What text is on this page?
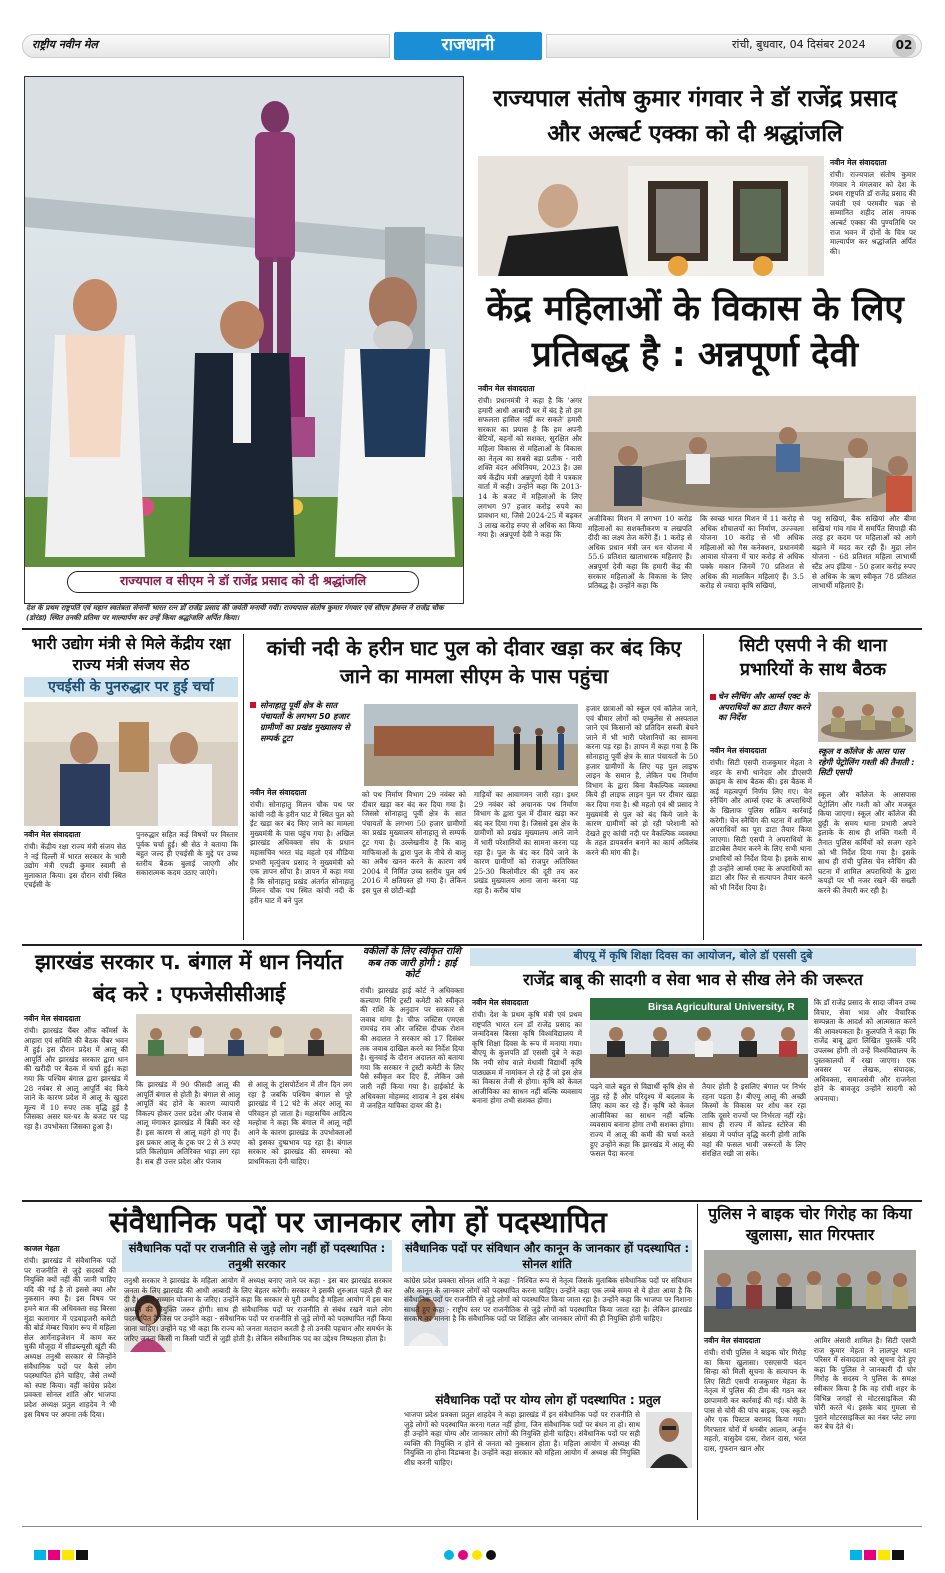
राष्ट्रीय नवीन मेल	राजधानी	रांची, बुधवार, 04 दिसंबर 2024	02
राज्यपाल व सीएम ने डॉ राजेंद्र प्रसाद को दी श्रद्धांजलि
देश के प्रथम राष्ट्रपति एवं महान स्वतंत्रता सेनानी भारत रत्न डॉ राजेंद्र प्रसाद की जयंती मनायी गयी। राज्यपाल संतोष कुमार गंगवार एवं सीएम हेमन्त ने राजेंद्र चौक (डोरंडा) स्थित उनकी प्रतिमा पर माल्यार्पण कर उन्हें किया श्रद्धांजलि अर्पित किया।
राज्यपाल संतोष कुमार गंगवार ने डॉ राजेंद्र प्रसाद और अल्बर्ट एक्का को दी श्रद्धांजलि
नवीन मेल संवाददाता
रांची। राज्यपाल संतोष कुमार गंगवार ने मंगलवार को देश के प्रथम राष्ट्रपति डॉ राजेंद्र प्रसाद की जयंती एवं परमवीर चक्र से सम्मानित शहीद लांस नायक अल्बर्ट एक्का की पुण्यतिथि पर राज भवन में दोनों के चित्र पर माल्यार्पण कर श्रद्धांजलि अर्पित की।
केंद्र महिलाओं के विकास के लिए प्रतिबद्ध है : अन्नपूर्णा देवी
नवीन मेल संवाददाता
रांची। प्रधानमंत्री ने कहा है कि 'अगर हमारी आधी आबादी घर में बंद है तो हम सफलता हासिल नहीं कर सकते' हमारी सरकार का प्रयास है कि हम अपनी बेटियों, बहनों को सशक्त, सुरक्षित और महिला विकास से महिलाओं के विकास का नेतृत्व का सबसे बड़ा प्रतीक - नारी शक्ति वंदन अधिनियम, 2023 है। उस वर्ष केंद्रीय मंत्री अन्नपूर्णा देवी ने पत्रकार वार्ता में कही। उन्होंने कहा कि 2013-14 के बजट में महिलाओं के लिए लगभग 97 हजार करोड़ रुपये का प्रावधान था, जिसे 2024-25 में बढ़कर 3 लाख करोड़ रुपए से अधिक का किया गया है। अन्नपूर्णा देवी ने कहा कि
अजीविका मिशन में लगभग 10 करोड़ महिलाओं का सशक्तीकरण व लखपति दीदी का लक्ष्य तेज करेंगे हैं। 1 करोड़ से अधिक प्रधान मंत्री जन धन योजना में 55.6 प्रतिशत खाताधारक महिलाएं हैं। अन्नपूर्णा देवी कहा कि हमारी केंद्र की सरकार महिलाओं के विकास के लिए प्रतिबद्ध है। उन्होंने कहा कि
कि स्वच्छ भारत मिशन में 11 करोड़ से अधिक शौचालयों का निर्माण, उज्ज्वला योजना 10 करोड़ से भी अधिक महिलाओं को गैस कनेक्शन, प्रधानमंत्री आवास योजना में चार करोड़ से अधिक पक्के मकान जिनमें 70 प्रतिशत से अधिक की मालकिन महिलाएं हैं। 3.5 करोड़ से ज्यादा कृषि सखियां,
पशु सखियां, बैंक सखियां और बीमा सखियां गांव गांव में समर्पित सिपाही की तरह हर कदम पर महिलाओं को आगे बढ़ाने में मदद कर रही हैं। मुद्रा लोन योजना - 68 प्रतिशत महिला लाभार्थी स्टैंड अप इंडिया - 50 हजार करोड़ रुपए से अधिक के ऋण स्वीकृत 78 प्रतिशत लाभार्थी महिलाएं हैं।
भारी उद्योग मंत्री से मिले केंद्रीय रक्षा राज्य मंत्री संजय सेठ
एचईसी के पुनरुद्धार पर हुई चर्चा
नवीन मेल संवाददाता
रांची। केंद्रीय रक्षा राज्य मंत्री संजय सेठ ने नई दिल्ली में भारत सरकार के भारी उद्योग मंत्री एचडी कुमार स्वामी से मुलाकात किया। इस दौरान रांची स्थित एचईसी के
पुनरुद्धार सहित कई विषयों पर विस्तार पूर्वक चर्चा हुई। श्री सेठ ने बताया कि बहुत जल्द ही एचईसी के मुद्दे पर उच्च स्तरीय बैठक बुलाई जाएगी और सकारात्मक कदम उठाए जाएंगे।
कांची नदी के हरीन घाट पुल को दीवार खड़ा कर बंद किए जाने का मामला सीएम के पास पहुंचा
सोनाहातु पूर्वी क्षेत्र के सात पंचायतों के लगभग 50 हजार ग्रामीणों का प्रखंड मुख्यालय से सम्पर्क टूटा
नवीन मेल संवाददाता
रांची। सोनाहातु मिलन चौक पथ पर कांची नदी के हरीन घाट में स्थित पुल को ईंट खड़ा कर बंद किए जाने का मामला मुख्यमंत्री के पास पहुंच गया है। अखिल झारखंड अधिवक्ता संघ के प्रधान महासचिव भरत चंद्र महतो एवं मीडिया प्रभारी मृत्युंजय प्रसाद ने मुख्यमंत्री को एक ज्ञापन सौंपा है। ज्ञापन में कहा गया है कि सोनाहातु प्रखंड अंतर्गत सोनाहातु मिलन चौक पथ स्थित कांची नदी के हरीन घाट में बने पुल
को पथ निर्माण विभाग 29 नवंबर को दीवार खड़ा कर बंद कर दिया गया है। जिससे सोनाहातु पूर्वी क्षेत्र के सात पंचायतों के लगभग 50 हजार ग्रामीणों का प्रखंड मुख्यालय सोनाहातु से सम्पर्क टूट गया है। उल्लेखनीय है कि बालू माफियाओं के द्वारा पुल के नीचे से बालू का अवैध खनन करने के कारण वर्ष 2004 में निर्मित उच्च स्तरीय पुल वर्ष 2016 में क्षतिग्रस्त हो गया है। लेकिन इस पुल से छोटी-बड़ी
गाड़ियों का आवागमन जारी रहा। इधर 29 नवंबर को अचानक पथ निर्माण विभाग के द्वारा पुल में दीवार खड़ा कर बंद कर दिया गया है। जिससे इस क्षेत्र के ग्रामीणों को प्रखंड मुख्यालय आने जाने में भारी परेशानियों का सामना करना पड़ रहा है। पुल के बंद कर दिये जाने के कारण ग्रामीणों को राजपुर अतिरिक्त 25-30 किलोमीटर की दूरी तय कर प्रखंड मुख्यालय आना जाना करना पड़ रहा है। करीब पांच
हजार छात्राओं को स्कूल एवं कॉलेज जाने, एवं बीमार लोगों को एम्बुलेंस से अस्पताल जाने एवं किसानों को प्रतिदिन सब्जी बेचने जाने में भी भारी परेशानियों का सामना करना पड़ रहा है। ज्ञापन में कहा गया है कि सोनाहातु पूर्वी क्षेत्र के सात पंचायतों के 50 हजार ग्रामीणों के लिए यह पुल लाइफ लाइन के समान है, लेकिन पथ निर्माण विभाग के द्वारा बिना वैकल्पिक व्यवस्था किये ही लाइफ लाइन पुल पर दीवार खड़ा कर दिया गया है। श्री महतो एवं श्री प्रसाद ने मुख्यमंत्री से पुल को बंद किये जाने के कारण ग्रामीणों को हो रही परेशानी को देखते हुए कांची नदी पर वैकल्पिक व्यवस्था के तहत डायवर्सन बनाने का कार्य अविलंब करने की मांग की है।
सिटी एसपी ने की थाना प्रभारियों के साथ बैठक
चेन स्नैचिंग और आर्म्स एक्ट के अपराधियों का डाटा तैयार करने का निर्देश
स्कूल व कॉलेज के आस पास रहेगी पेट्रोलिंग गश्ती की तैनाती : सिटी एसपी
नवीन मेल संवाददाता
रांची। सिटी एसपी राजकुमार मेहता ने शहर के सभी थानेदार और डीएसपी क्राइम के साथ बैठक की। इस बैठक में कई महत्वपूर्ण निर्णय लिए गए। चेन स्नैचिंग और आर्म्स एक्ट के अपराधियों के खिलाफ पुलिस सक्रिय कार्रवाई करेगी। चेन स्नैचिंग की घटना में शामिल अपराधियों का पूरा डाटा तैयार किया जाएगा। सिटी एसपी ने अपराधियों के डाटाबेस तैयार करने के लिए सभी थाना प्रभारियों को निर्देश दिया है। इसके साथ ही उन्होंने आर्म्स एक्ट के अपराधियों का डाटा और फिर से सत्यापन तैयार करने को भी निर्देश दिया है।
स्कूल और कॉलेज के आसपास पेट्रोलिंग और गश्ती को और मजबूत किया जाएगा। स्कूल और कॉलेज की छुट्टी के समय थाना प्रभारी अपने इलाके के साथ ही शक्ति गश्ती में तैनात पुलिस कर्मियों को सजग रहने को भी निर्देश दिया गया है। इसके साथ ही रांची पुलिस चेन स्नैचिंग की घटना में शामिल अपराधियों के द्वारा कपड़ों पर भी नजर रखने की सख्ती करने की तैयारी कर रही है।
झारखंड सरकार प. बंगाल में धान निर्यात बंद करे : एफजेसीसीआई
नवीन मेल संवाददाता
रांची। झारखंड चैंबर ऑफ कॉमर्स के आहारा एवं समिति की बैठक चैंबर भवन में हुई। इस दौरान प्रदेश में आलू की आपूर्ति और झारखंड सरकार द्वारा धान की खरीदी पर बैठक में चर्चा हुई। कहा गया कि पश्चिम बंगाल द्वारा झारखंड में 28 नवंबर से आलू आपूर्ति बंद किये जाने के कारण प्रदेश में आलू के खुदरा मूल्य में 10 रुपए तक वृद्धि हुई है जिसका असर घर-घर के बजट पर पड़ रहा है। उपभोक्ता जिसका हुआ है।
कि झारखंड में 90 फीसदी आलू की आपूर्ति बंगाल से होती है। बंगाल से आलू आपूर्ति बंद होने के कारण व्यापारी विकल्प होकर उत्तर प्रदेश और पंजाब से आलू मंगाकर झारखंड में बिक्री कर रहे हैं। इस कारण से आलू महंगे हो गए हैं। इस प्रकार आलू के ट्रक पर 2 से 3 रुपए प्रति किलोग्राम अतिरिक्त भाड़ा लग रहा है। सब ही उत्तर प्रदेश और पंजाब
से आलू के ट्रांसपोर्टेशन में तीन दिन लग रहा है जबकि पश्चिम बंगाल से पूरे झारखंड में 12 घंटे के अंदर आलू का परिवहन हो जाता है। महासचिव आदित्य मल्होत्रा ने कहा कि बंगाल में आलू नहीं आने के कारण झारखंड के उपभोक्ताओं को इसका दुष्प्रभाव पड़ रहा है। बंगाल सरकार को झारखंड की समस्या को प्राथमिकता देनी चाहिए।
वकीलों के लिए स्वीकृत राशि कब तक जारी होगी : हाई कोर्ट
रांची। झारखंड हाई कोर्ट ने अधिवक्ता कल्याण निधि ट्रस्टी कमेटी को स्वीकृत की राशि के अनुदान पर सरकार से जवाब मांगा है। चीफ जस्टिस एमएस रामचंद्र राव और जस्टिस दीपक रोशन की अदालत ने सरकार को 17 दिसंबर तक जवाब दाखिल करने का निर्देश दिया है। सुनवाई के दौरान अदालत को बताया गया कि सरकार ने ट्रस्टी कमेटी के लिए पैसे स्वीकृत कर दिए हैं, लेकिन उसे जारी नहीं किया गया है। हाईकोर्ट के अधिवक्ता मोहम्मद शादाब ने इस संबंध में जनहित याचिका दायर की है।
बीएयू में कृषि शिक्षा दिवस का आयोजन, बोले डॉ एससी दुबे
राजेंद्र बाबू की सादगी व सेवा भाव से सीख लेने की जरूरत
नवीन मेल संवाददाता
रांची। देश के प्रथम कृषि मंत्री एवं प्रथम राष्ट्रपति भारत रत्न डॉ राजेंद्र प्रसाद का जन्मदिवस बिरसा कृषि विश्वविद्यालय में कृषि शिक्षा दिवस के रूप में मनाया गया। बीएयू के कुलपति डॉ एससी दुबे ने कहा कि नयी सोच वाले मेधावी विद्यार्थी कृषि पाठ्यक्रम में नामांकन ले रहे हैं जो इस क्षेत्र का विकास तेजी से होगा। कृषि को केवल आजीविका का साधन नहीं बल्कि व्यवसाय बनाना होगा तभी सशक्त होगा।
Birsa Agricultural University, R
पढ़ने वाले बहुत से विद्यार्थी कृषि क्षेत्र से जुड़ रहे हैं और परिदृश्य में बदलाव के लिए काम कर रहे हैं। कृषि को केवल आजीविका का साधन नहीं बल्कि व्यवसाय बनाना होगा तभी सशक्त होगा। राज्य में आलू की कमी की चर्चा करते हुए उन्होंने कहा कि झारखंड में आलू की फसल पैदा करना
तैयार होती है इसलिए बंगाल पर निर्भर रहना पड़ता है। बीएयू आलू की अच्छी किस्मों के विकास पर शोध कर रहा ताकि दूसरे राज्यों पर निर्भरता नहीं रहे। साथ ही राज्य में कोल्ड स्टोरेज की संख्या में पर्याप्त वृद्धि करनी होगी ताकि वहां की फसल भावी जरूरतों के लिए संरक्षित रखी जा सके।
कि डॉ राजेंद्र प्रसाद के सादा जीवन उच्च विचार, सेवा भाव और वैचारिक सम्पन्नता के आदर्श को आत्मसात करने की आवश्यकता है। कुलपति ने कहा कि राजेंद्र बाबू द्वारा लिखित पुस्तकें यदि उपलब्ध होंगी तो उन्हें विश्वविद्यालय के पुस्तकालयों में रखा जाएगा। एक अवसर पर लेखक, संपादक, अधिवक्ता, समाजसेवी और राजनेता होने के बावजूद उन्होंने सादगी को अपनाया।
संवैधानिक पदों पर जानकार लोग हों पदस्थापित
काजल मेहता
रांची। झारखंड में संवैधानिक पदों पर राजनीति से जुड़े सदस्यों की नियुक्ति क्यों नहीं की जानी चाहिए यदि की गई है तो इससे क्या और नुकसान क्या है। इस विषय पर हमने बात की अधिवक्ता सह बिरसा मुंडा कारागार में एडवाइजरी कमेटी की बोर्ड मेम्बर चित्रांग रूप में महिला सेल आर्गेनाइजेशन में काम कर चुकी मौजूदा में सीडब्ल्यूसी खूंटी की अध्यक्ष तनुश्री सरकार से जिन्होंने संवैधानिक पदों पर कैसे लोग पदस्थापित होने चाहिए, जैसे तथ्यों को स्पष्ट किया। वहीं कांग्रेस प्रदेश प्रवक्ता सोनल शांति और भाजपा प्रदेश अध्यक्ष प्रतुल शाहदेव ने भी इस विषय पर अपना तर्क दिया।
संवैधानिक पदों पर राजनीति से जुड़े लोग नहीं हों पदस्थापित : तनुश्री सरकार
तनुश्री सरकार ने झारखंड के महिला आयोग में अध्यक्ष बनाए जाने पर कहा - इस बार झारखंड सरकार जनता के लिए झारखंड की आधी आबादी के लिए बेहतर करेगी। सरकार ने इसकी शुरुआत पहले ही कर दी है। मईयां सम्मान योजना के जरिए। उन्होंने कहा कि सरकार से पूरी उम्मीद है महिला आयोग में इस बार अध्यक्ष की नियुक्ति जरूर होगी। साथ ही संवैधानिक पदों पर राजनीति से संबंध रखने वाले लोग पदस्थापित हैं जिस पर उन्होंने कहा - संवैधानिक पदों पर राजनीति से जुड़े लोगों को पदस्थापित नहीं किया जाना चाहिए। उन्होंने यह भी कहा कि राज्य को जनता मतदान करती है तो उनकी पहचान और समर्थन के जरिए जनता किसी ना किसी पार्टी से जुड़ी होती है। लेकिन संवैधानिक पद का उद्देश्य निष्पक्षता होता है।
संवैधानिक पदों पर संविधान और कानून के जानकार हों पदस्थापित : सोनल शांति
कांग्रेस प्रदेश प्रवक्ता सोनल शांति ने कहा - निश्चित रूप से नेतृत्व जिसके मुताबिक संवैधानिक पदों पर संविधान और कानून के जानकार लोगों को पदस्थापित करना चाहिए। उन्होंने कहा एक लम्बे समय से ये होता आया है कि संवैधानिक पदों पर राजनीति से जुड़े लोगों को पदस्थापित किया जाता रहा है। उन्होंने कहा कि भाजपा पर निशाना साधते हुए कहा - राष्ट्रीय स्तर पर राजनीतिक से जुड़े लोगों को पदस्थापित किया जाता रहा है। लेकिन झारखंड सरकार का मानना है कि संवैधानिक पदों पर शिक्षित और जानकार लोगों की ही नियुक्ति होनी चाहिए।
संवैधानिक पदों पर योग्य लोग हों पदस्थापित : प्रतुल
भाजपा प्रदेश प्रवक्ता प्रतुल शाहदेव ने कहा झारखंड में इन संवैधानिक पदों पर राजनीति से जुड़े लोगों को पदस्थापित करना गलत नहीं होगा, जिन संवैधानिक पदों पर बंधन ना हो। साथ ही उन्होंने कहा योग्य और जानकार लोगों की नियुक्ति होनी चाहिए। संवैधानिक पदों पर सही व्यक्ति की नियुक्ति न होने से जनता को नुकसान होता है। महिला आयोग में अध्यक्ष की नियुक्ति ना होना विडम्बना है। उन्होंने कहा सरकार को महिला आयोग में अध्यक्ष की नियुक्ति शीघ्र करनी चाहिए।
पुलिस ने बाइक चोर गिरोह का किया खुलासा, सात गिरफ्तार
नवीन मेल संवाददाता
रांची। रांची पुलिस ने बाइक चोर गिरोह का किया खुलासा। एसएसपी चंदन सिन्हा को मिली सूचना के सत्यापन के लिए सिटी एसपी राजकुमार मेहता के नेतृत्व में पुलिस की टीम की गठन कर छापामारी कर कार्रवाई की गई। चोरी के पास से चोरी की पांच बाइक, एक स्कूटी और एक पिस्टल बरामद किया गया। गिरफ्तार चोरों में धनबीर आलम, अर्जुन महतो, वासुदेव दास, रोशन दास, भरत दास, गुफरान खान और
आमिर अंसारी शामिल है। सिटी एसपी राज कुमार मेहता ने लालपुर थाना परिसर में संवाददाता को सूचना देते हुए कहा कि पुलिस ने जानकारी दी चोर गिरोह के सदस्य ने पुलिस के समक्ष स्वीकार किया है कि वह रांची शहर के विभिन्न जगहों से मोटरसाइकिल की चोरी करते थे। इसके बाद गुमला से पुराने मोटरसाइकिल का नंबर प्लेट लगा कर बेच देते थे।
